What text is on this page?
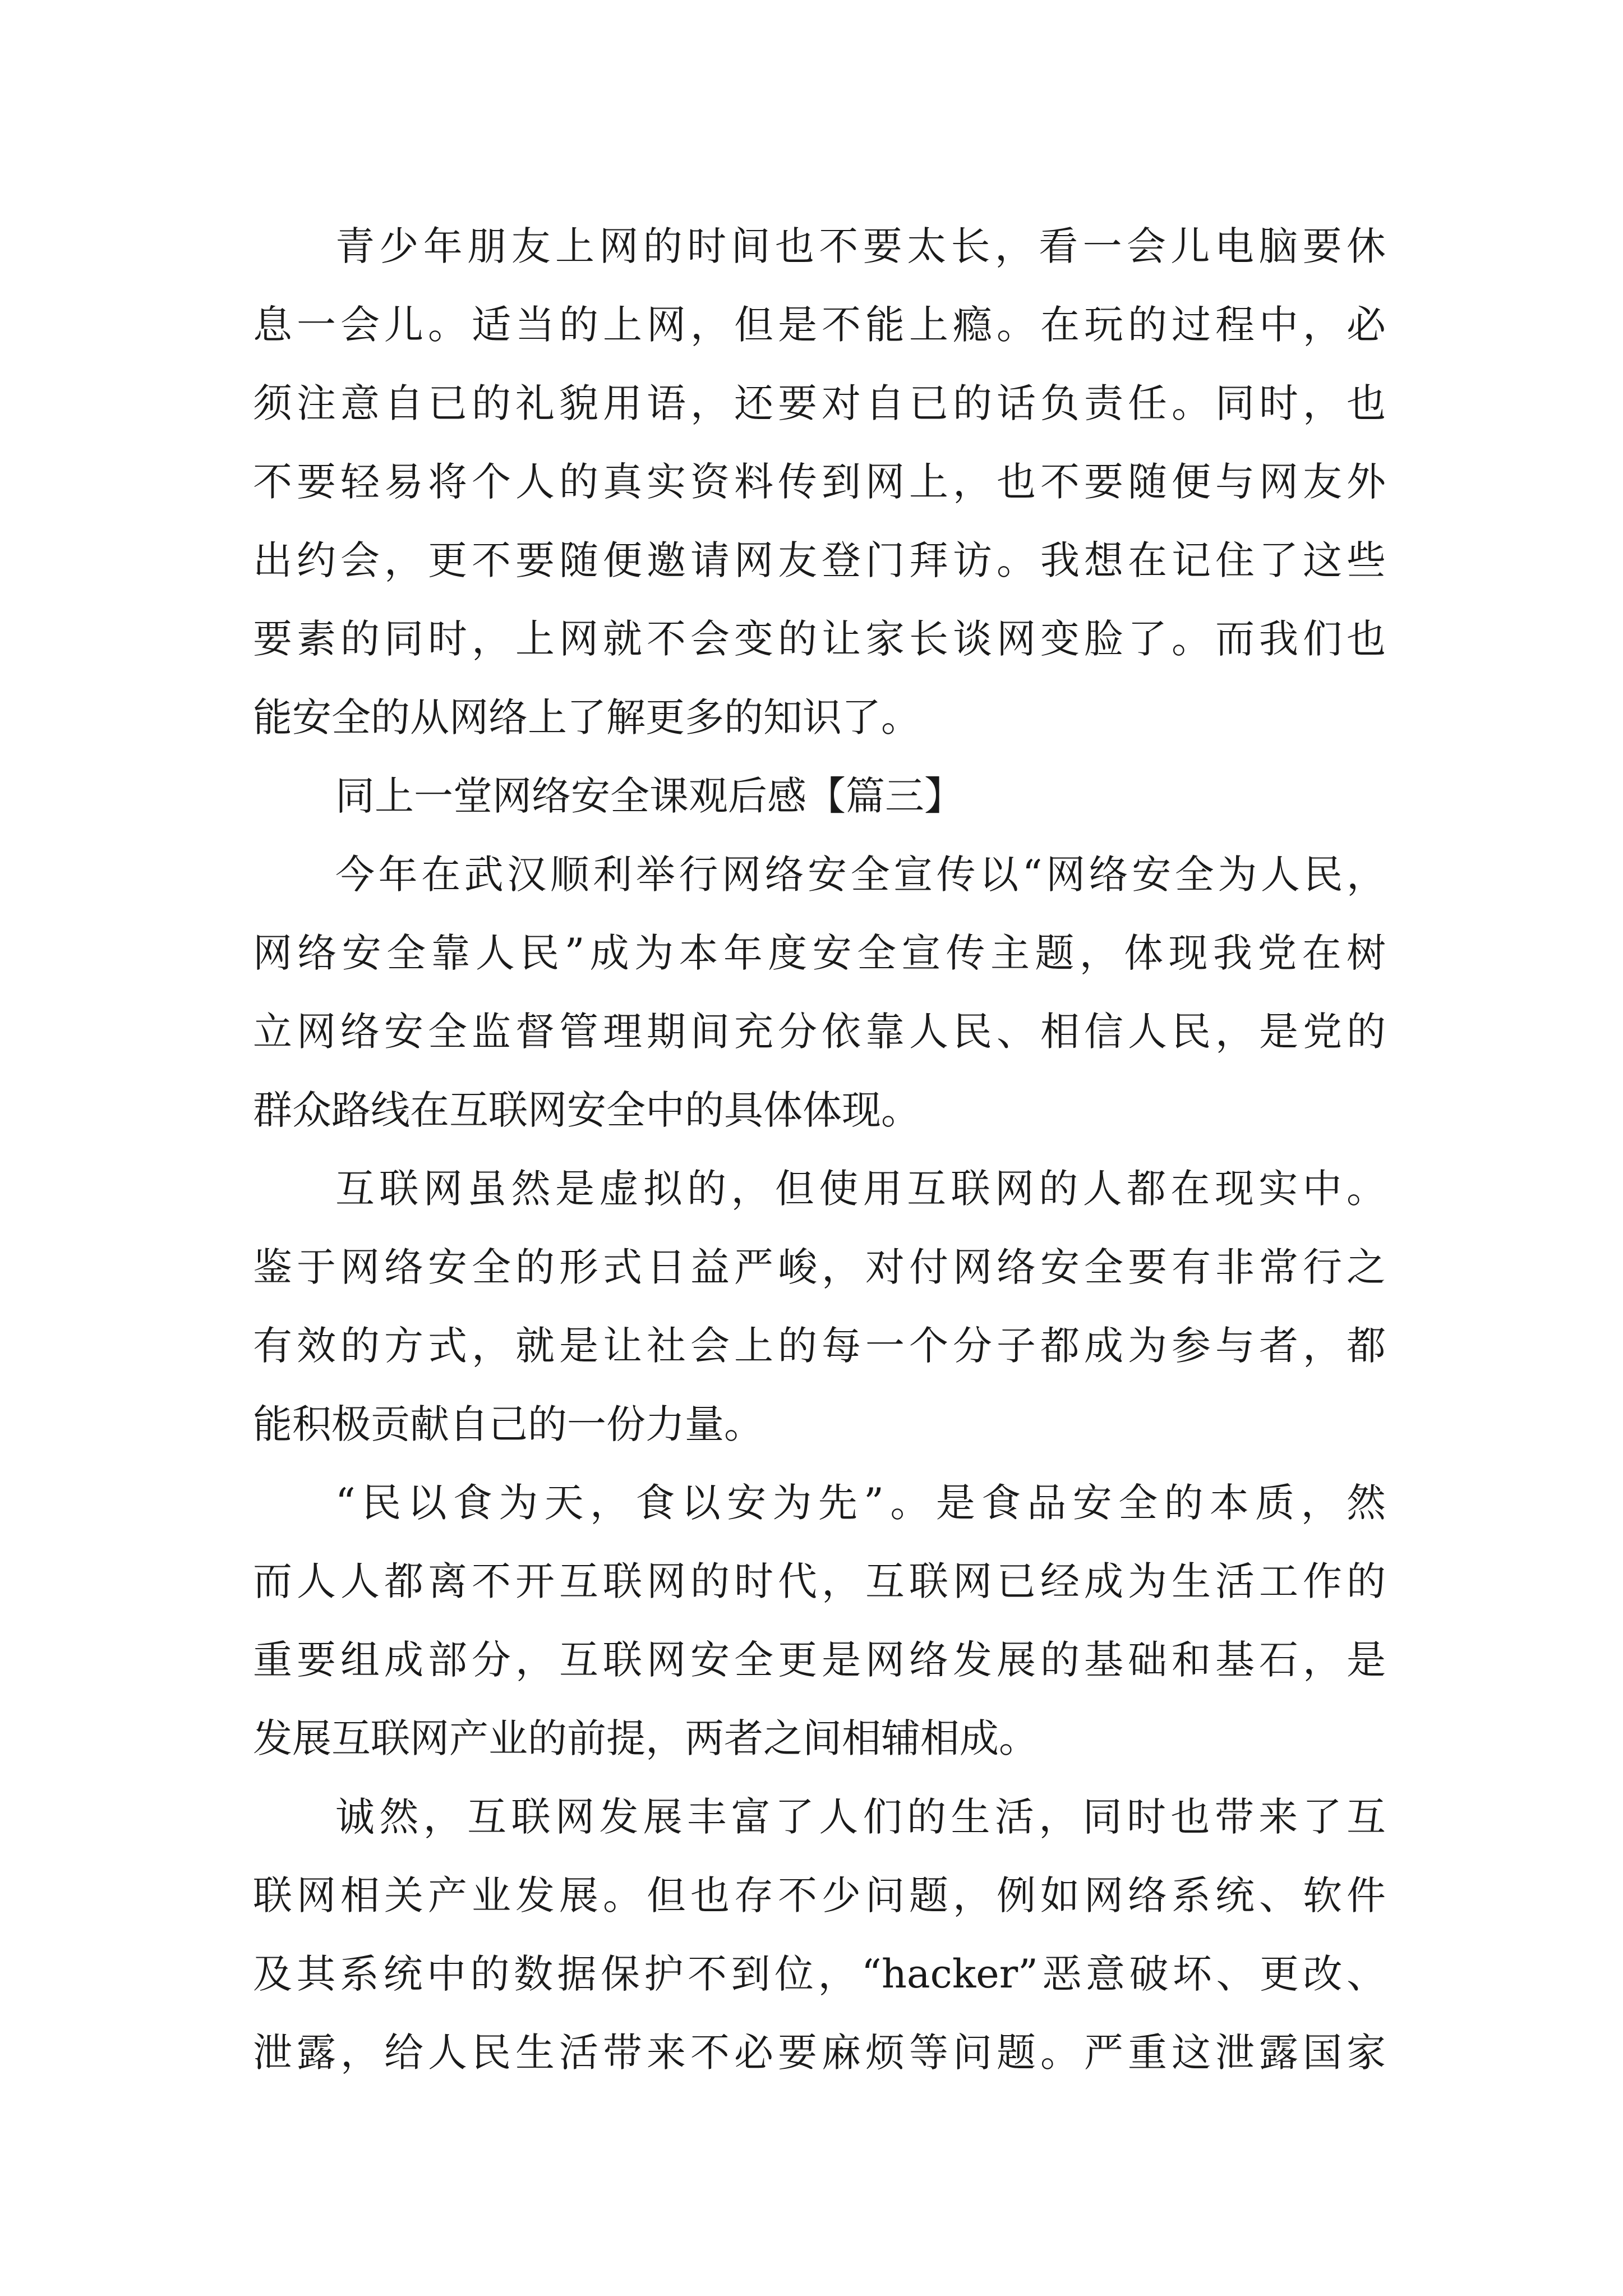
青少年朋友上网的时间也不要太长，看一会儿电脑要休
息一会儿。适当的上网，但是不能上瘾。在玩的过程中，必
须注意自已的礼貌用语，还要对自已的话负责任。同时，也
不要轻易将个人的真实资料传到网上，也不要随便与网友外
出约会，更不要随便邀请网友登门拜访。我想在记住了这些
要素的同时，上网就不会变的让家长谈网变脸了。而我们也
能安全的从网络上了解更多的知识了。
同上一堂网络安全课观后感【篇三】
今年在武汉顺利举行网络安全宣传以“网络安全为人民，
网络安全靠人民”成为本年度安全宣传主题，体现我党在树
立网络安全监督管理期间充分依靠人民、相信人民，是党的
群众路线在互联网安全中的具体体现。
互联网虽然是虚拟的，但使用互联网的人都在现实中。
鉴于网络安全的形式日益严峻，对付网络安全要有非常行之
有效的方式，就是让社会上的每一个分子都成为参与者，都
能积极贡献自己的一份力量。
“民以食为天，食以安为先”。是食品安全的本质，然
而人人都离不开互联网的时代，互联网已经成为生活工作的
重要组成部分，互联网安全更是网络发展的基础和基石，是
发展互联网产业的前提，两者之间相辅相成。
诚然，互联网发展丰富了人们的生活，同时也带来了互
联网相关产业发展。但也存不少问题，例如网络系统、软件
及其系统中的数据保护不到位，“hacker”恶意破坏、更改、
泄露，给人民生活带来不必要麻烦等问题。严重这泄露国家
